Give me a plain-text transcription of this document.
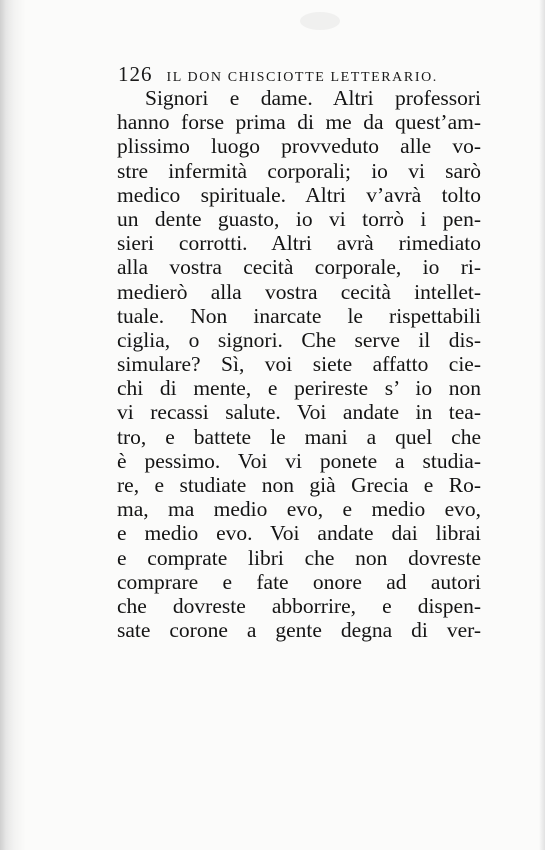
126 IL DON CHISCIOTTE LETTERARIO.
Signori e dame. Altri professori
hanno forse prima di me da quest’am-
plissimo luogo provveduto alle vo-
stre infermità corporali; io vi sarò
medico spirituale. Altri v’avrà tolto
un dente guasto, io vi torrò i pen-
sieri corrotti. Altri avrà rimediato
alla vostra cecità corporale, io ri-
medierò alla vostra cecità intellet-
tuale. Non inarcate le rispettabili
ciglia, o signori. Che serve il dis-
simulare? Sì, voi siete affatto cie-
chi di mente, e perireste s’ io non
vi recassi salute. Voi andate in tea-
tro, e battete le mani a quel che
è pessimo. Voi vi ponete a studia-
re, e studiate non già Grecia e Ro-
ma, ma medio evo, e medio evo,
e medio evo. Voi andate dai librai
e comprate libri che non dovreste
comprare e fate onore ad autori
che dovreste abborrire, e dispen-
sate corone a gente degna di ver-
